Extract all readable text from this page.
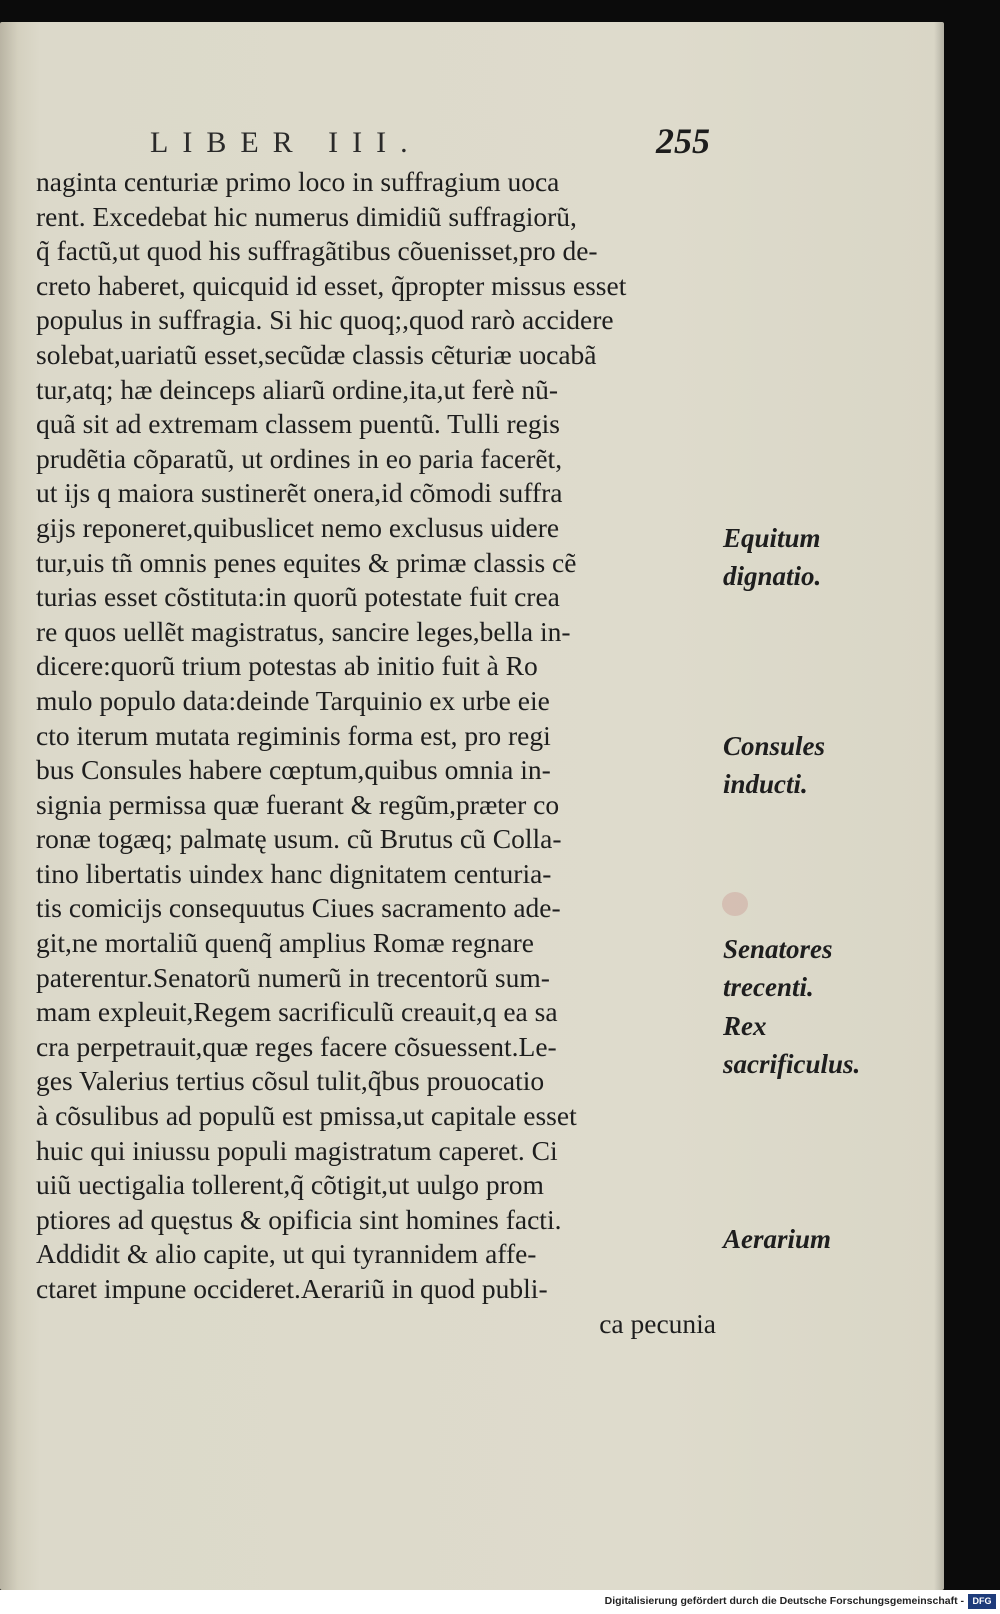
LIBER III.	255
naginta centuriæ primo loco in suffragium uoca
rent. Excedebat hic numerus dimidiũ suffragiorũ,
q̃ factũ,ut quod his suffragãtibus cõuenisset,pro de-
creto haberet, quicquid id esset, q̃propter missus esset
populus in suffragia. Si hic quoq;,quod rarò accidere
solebat,uariatũ esset,secũdæ classis cẽturiæ uocabã
tur,atq; hæ deinceps aliarũ ordine,ita,ut ferè nũ-
quã sit ad extremam classem puentũ. Tulli regis
prudẽtia cõparatũ, ut ordines in eo paria facerẽt,
ut ijs q maiora sustinerẽt onera,id cõmodi suffra
gijs reponeret,quibuslicet nemo exclusus uidere
tur,uis tñ omnis penes equites & primæ classis cẽ
turias esset cõstituta:in quorũ potestate fuit crea
re quos uellẽt magistratus, sancire leges,bella in-
dicere:quorũ trium potestas ab initio fuit à Ro
mulo populo data:deinde Tarquinio ex urbe eie
cto iterum mutata regiminis forma est, pro regi
bus Consules habere cœptum,quibus omnia in-
signia permissa quæ fuerant & regũm,præter co
ronæ togæq; palmatę usum. cũ Brutus cũ Colla-
tino libertatis uindex hanc dignitatem centuria-
tis comicijs consequutus Ciues sacramento ade-
git,ne mortaliũ quenq̃ amplius Romæ regnare
paterentur.Senatorũ numerũ in trecentorũ sum-
mam expleuit,Regem sacrificulũ creauit,q ea sa
cra perpetrauit,quæ reges facere cõsuessent.Le-
ges Valerius tertius cõsul tulit,q̃bus prouocatio
à cõsulibus ad populũ est pmissa,ut capitale esset
huic qui iniussu populi magistratum caperet. Ci
uiũ uectigalia tollerent,q̃ cõtigit,ut uulgo prom
ptiores ad quęstus & opificia sint homines facti.
Addidit & alio capite, ut qui tyrannidem affe-
ctaret impune occideret.Aerariũ in quod publi-
ca pecunia
Equitum dignatio.
Consules inducti.
Senatores trecenti.
Rex sacrificulus.
Aerarium
Digitalisierung gefördert durch die Deutsche Forschungsgemeinschaft - DFG
